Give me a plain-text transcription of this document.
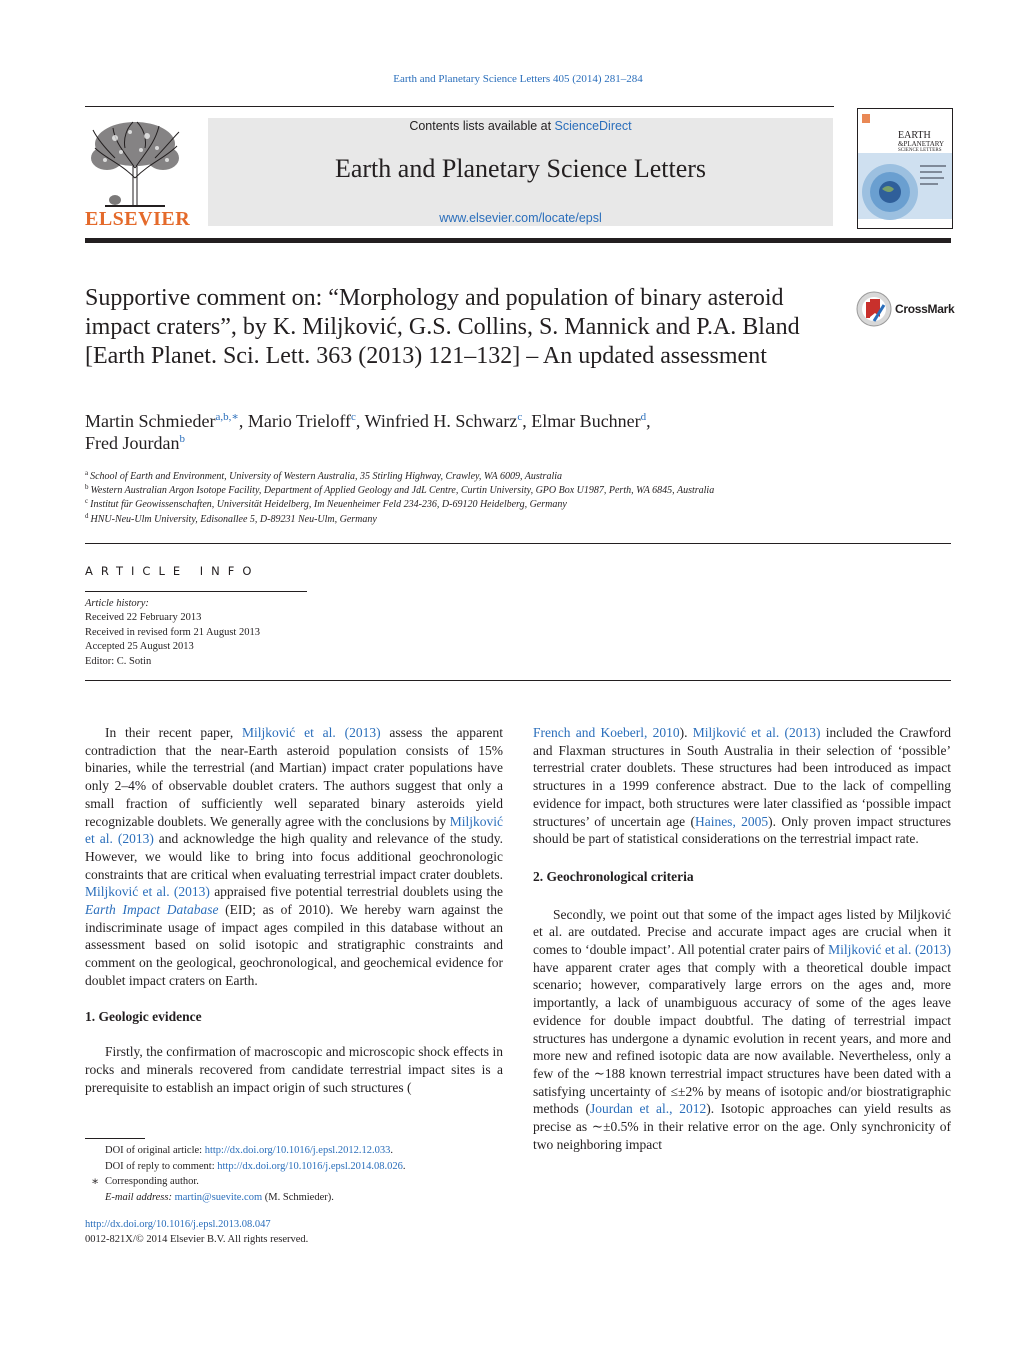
Earth and Planetary Science Letters 405 (2014) 281–284
ELSEVIER
Contents lists available at ScienceDirect
Earth and Planetary Science Letters
www.elsevier.com/locate/epsl
EARTH
&PLANETARY
SCIENCE LETTERS
Supportive comment on: “Morphology and population of binary asteroid impact craters”, by K. Miljković, G.S. Collins, S. Mannick and P.A. Bland [Earth Planet. Sci. Lett. 363 (2013) 121–132] – An updated assessment
CrossMark
Martin Schmieder$^{a,b,∗}$, Mario Trieloff$^c$, Winfried H. Schwarz$^c$, Elmar Buchner$^d$,
Fred Jourdan$^b$
$^a$ School of Earth and Environment, University of Western Australia, 35 Stirling Highway, Crawley, WA 6009, Australia
$^b$ Western Australian Argon Isotope Facility, Department of Applied Geology and JdL Centre, Curtin University, GPO Box U1987, Perth, WA 6845, Australia
$^c$ Institut für Geowissenschaften, Universität Heidelberg, Im Neuenheimer Feld 234-236, D-69120 Heidelberg, Germany
$^d$ HNU-Neu-Ulm University, Edisonallee 5, D-89231 Neu-Ulm, Germany
ARTICLE INFO
Article history:
Received 22 February 2013
Received in revised form 21 August 2013
Accepted 25 August 2013
Editor: C. Sotin

In their recent paper, Miljković et al. (2013) assess the apparent contradiction that the near-Earth asteroid population consists of 15% binaries, while the terrestrial (and Martian) impact crater populations have only 2–4% of observable doublet craters. The authors suggest that only a small fraction of sufficiently well separated binary asteroids yield recognizable doublets. We generally agree with the conclusions by Miljković et al. (2013) and acknowledge the high quality and relevance of the study. However, we would like to bring into focus additional geochronologic constraints that are critical when evaluating terrestrial impact crater doublets. Miljković et al. (2013) appraised five potential terrestrial doublets using the Earth Impact Database (EID; as of 2010). We hereby warn against the indiscriminate usage of impact ages compiled in this database without an assessment based on solid isotopic and stratigraphic constraints and comment on the geological, geochronological, and geochemical evidence for doublet impact craters on Earth.

1. Geologic evidence

Firstly, the confirmation of macroscopic and microscopic shock effects in rocks and minerals recovered from candidate terrestrial impact sites is a prerequisite to establish an impact origin of such structures (

French and Koeberl, 2010). Miljković et al. (2013) included the Crawford and Flaxman structures in South Australia in their selection of ‘possible’ terrestrial crater doublets. These structures had been introduced as impact structures in a 1999 conference abstract. Due to the lack of compelling evidence for impact, both structures were later classified as ‘possible impact structures’ of uncertain age (Haines, 2005). Only proven impact structures should be part of statistical considerations on the terrestrial impact rate.

2. Geochronological criteria

Secondly, we point out that some of the impact ages listed by Miljković et al. are outdated. Precise and accurate impact ages are crucial when it comes to ‘double impact’. All potential crater pairs of Miljković et al. (2013) have apparent crater ages that comply with a theoretical double impact scenario; however, comparatively large errors on the ages and, more importantly, a lack of unambiguous accuracy of some of the ages leave evidence for double impact doubtful. The dating of terrestrial impact structures has undergone a dynamic evolution in recent years, and more and more new and refined isotopic data are now available. Nevertheless, only a few of the ∼188 known terrestrial impact structures have been dated with a satisfying uncertainty of ≤±2% by means of isotopic and/or biostratigraphic methods (Jourdan et al., 2012). Isotopic approaches can yield results as precise as ∼±0.5% in their relative error on the age. Only synchronicity of two neighboring impact

DOI of original article: http://dx.doi.org/10.1016/j.epsl.2012.12.033.
DOI of reply to comment: http://dx.doi.org/10.1016/j.epsl.2014.08.026.
Corresponding author.
E-mail address: martin@suevite.com (M. Schmieder).
∗
http://dx.doi.org/10.1016/j.epsl.2013.08.047
0012-821X/© 2014 Elsevier B.V. All rights reserved.
